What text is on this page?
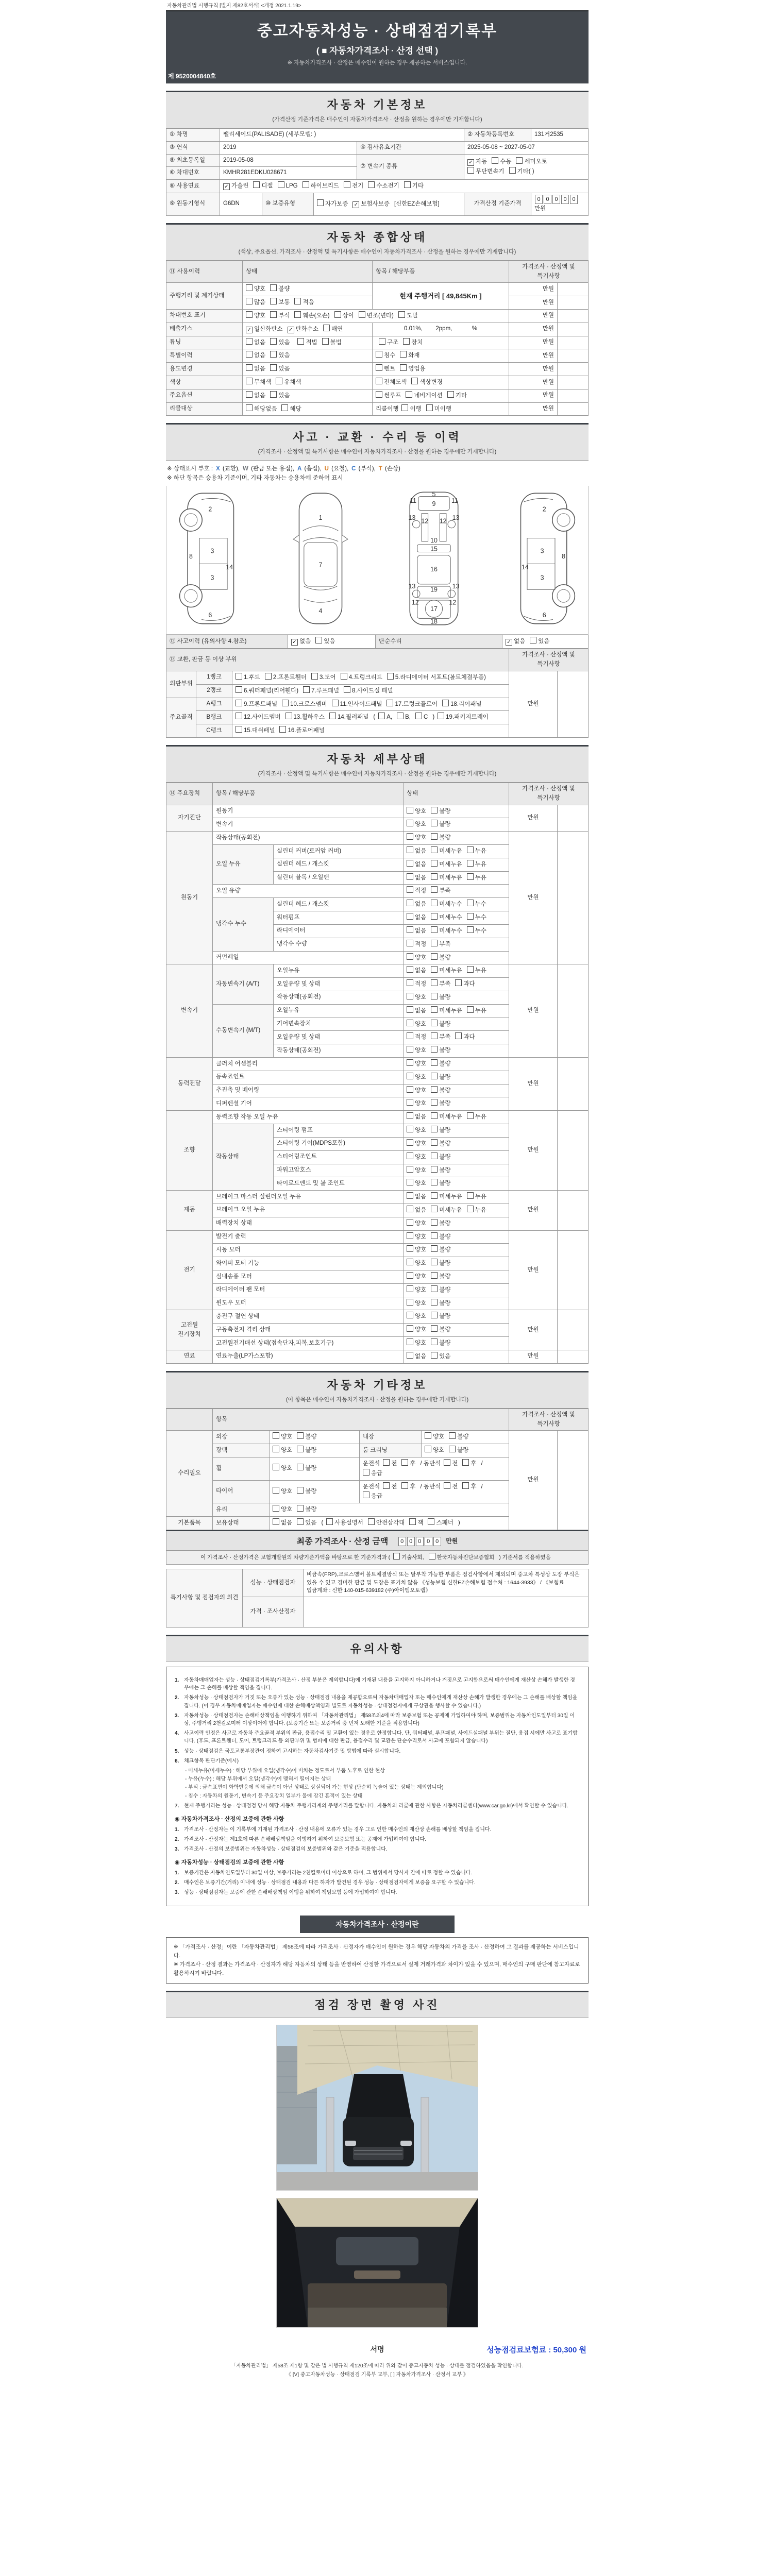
자동차관리법 시행규칙 [별지 제82호서식] <개정 2021.1.19>
중고자동차성능 · 상태점검기록부
( ■ 자동차가격조사 · 산정 선택 )
※ 자동차가격조사 · 산정은 매수인이 원하는 경우 제공하는 서비스입니다.
제 9520004840호
자동차 기본정보
(가격산정 기준가격은 매수인이 자동차가격조사 · 산정을 원하는 경우에만 기재합니다)
① 차명	팰리세이드(PALISADE) (세부모델: )				② 자동차등록번호	131거2535
③ 연식	2019			④ 검사유효기간	2025-05-08 ~ 2027-05-07	
⑤ 최초등록일	2019-05-08			⑦ 변속기 종류	✓ 자동 수동 세미오토무단변속기 기타( )	
⑥ 차대번호	KMHR281EDKU028671					
⑧ 사용연료	✓ 가솔린 디젤 LPG 하이브리드 전기 수소전기 기타					
⑨ 원동기형식	G6DN	⑩ 보증유형	자가보증 ✓ 보험사보증 [신한EZ손해보험]		가격산정 기준가격	0 0 0 0 0 만원
자동차 종합상태
(색상, 주요옵션, 가격조사 · 산정액 및 특기사항은 매수인이 자동차가격조사 · 산정을 원하는 경우에만 기재합니다)
⑪ 사용이력	상태	항목 / 해당부품	가격조사 · 산정액 및 특기사항	
주행거리 및 계기상태	양호 불량	현재 주행거리 [ 49,845Km ]	만원	
	많음 보통 적음		만원	
차대번호 표기	양호 부식 훼손(오손) 상이 변조(변타) 도말		만원	
배출가스	✓ 일산화탄소 ✓ 탄화수소 매연	0.01%,        2ppm,            %	만원	
튜닝	없음 있음 적법 불법	구조 장치	만원	
특별이력	없음 있음	침수 화재	만원	
용도변경	없음 있음	렌트 영업용	만원	
색상	무채색 유채색	전체도색 색상변경	만원	
주요옵션	없음 있음	썬루프 네비게이션 기타	만원	
리콜대상	해당없음 해당	리콜이행 이행 미이행	만원	
사고 · 교환 · 수리 등 이력
(가격조사 · 산정액 및 특기사항은 매수인이 자동차가격조사 · 산정을 원하는 경우에만 기재합니다)
※ 상태표시 부호 : X (교환), W (판금 또는 용접), A (흠집), U (요철), C (부식), T (손상)
※ 하단 항목은 승용차 기준이며, 기타 자동차는 승용차에 준하여 표시
2
8
3
3
14
6
1
7
4
5
9
11	11
13	13
12 12
10
15
16
19
13	13
12	12
17
18
2
8
3
3
14
6
⑫ 사고이력 (유의사항 4.참조)	✓ 없음 있음	단순수리	✓ 없음 있음
⑬ 교환, 판금 등 이상 부위			가격조사 · 산정액 및 특기사항	
외판부위	1랭크	1.후드 2.프론트휀더 3.도어 4.트렁크리드 5.라디에이터 서포트(볼트체결부품)	만원	
	2랭크	6.쿼터패널(리어휀다) 7.루프패널 8.사이드실 패널		
주요골격	A랭크	9.프론트패널 10.크로스멤버 11.인사이드패널 17.트렁크플로어 18.리어패널		
	B랭크	12.사이드멤버 13.휠하우스 14.필러패널 ( A, B, C ) 19.패키지트레이		
	C랭크	15.대쉬패널 16.플로어패널		
자동차 세부상태
(가격조사 · 산정액 및 특기사항은 매수인이 자동차가격조사 · 산정을 원하는 경우에만 기재합니다)
⑭ 주요장치	항목 / 해당부품		상태	가격조사 · 산정액 및 특기사항	
자기진단	원동기		양호 불량	만원	
	변속기		양호 불량		
원동기	작동상태(공회전)		양호 불량	만원	
	오일 누유	실린더 커버(로커암 커버)	없음 미세누유 누유		
		실린더 헤드 / 개스킷	없음 미세누유 누유		
		실린더 블록 / 오일팬	없음 미세누유 누유		
	오일 유량		적정 부족		
	냉각수 누수	실린더 헤드 / 개스킷	없음 미세누수 누수		
		워터펌프	없음 미세누수 누수		
		라디에이터	없음 미세누수 누수		
		냉각수 수량	적정 부족		
	커먼레일		양호 불량		
변속기	자동변속기 (A/T)	오일누유	없음 미세누유 누유	만원	
		오일유량 및 상태	적정 부족 과다		
		작동상태(공회전)	양호 불량		
	수동변속기 (M/T)	오일누유	없음 미세누유 누유		
		기어변속장치	양호 불량		
		오일유량 및 상태	적정 부족 과다		
		작동상태(공회전)	양호 불량		
동력전달	클러치 어셈블리		양호 불량	만원	
	등속죠인트		양호 불량		
	추진축 및 베어링		양호 불량		
	디퍼렌셜 기어		양호 불량		
조향	동력조향 작동 오일 누유		없음 미세누유 누유	만원	
	작동상태	스티어링 펌프	양호 불량		
		스티어링 기어(MDPS포함)	양호 불량		
		스티어링조인트	양호 불량		
		파워고압호스	양호 불량		
		타이로드엔드 및 볼 조인트	양호 불량		
제동	브레이크 마스터 실린더오일 누유		없음 미세누유 누유	만원	
	브레이크 오일 누유		없음 미세누유 누유		
	배력장치 상태		양호 불량		
전기	발전기 출력		양호 불량	만원	
	시동 모터		양호 불량		
	와이퍼 모터 기능		양호 불량		
	실내송풍 모터		양호 불량		
	라디에이터 팬 모터		양호 불량		
	윈도우 모터		양호 불량		
고전원 전기장치	충전구 절연 상태		양호 불량	만원	
	구동축전지 격리 상태		양호 불량		
	고전원전기배선 상태(접속단자,피복,보호기구)		양호 불량		
연료	연료누출(LP가스포함)		없음 있음	만원	
자동차 기타정보
(이 항목은 매수인이 자동차가격조사 · 산정을 원하는 경우에만 기재합니다)
	항목				가격조사 · 산정액 및 특기사항	
수리필요	외장	양호 불량	내장	양호 불량	만원	
	광택	양호 불량	룸 크리닝	양호 불량		
	휠	양호 불량	운전석 전 후/ 동반석 전 후/응급			
	타이어	양호 불량	운전석 전 후/ 동반석 전 후/응급			
	유리	양호 불량				
기본품목	보유상태	없음 있음 ( 사용설명서 안전삼각대 잭 스패너 )				
최종 가격조사 · 산정 금액 0 0 0 0 0 만원
이 가격조사 · 산정가격은 보험개발원의 차량기준가액을 바탕으로 한 기준가격과 ( 기술사회, 한국자동차진단보증협회 ) 기준서를 적용하였음
특기사항 및 점검자의 의견	성능 · 상태점검자	비금속(FRP),크로스멤버 볼트체결방식 또는 탈부착 가능한 부품은 점검사항에서 제외되며 중고차 특성상 도장 부식은 있을 수 있고 경미한 판금 및 도장은 표기치 않음 《성능보험 신한EZ손해보험 접수처 : 1644-3933》 / 《보험료 입금계좌 : 신한 140-015-639182 (주)아이엠오토랩》
	가격 · 조사산정자	
유의사항
1. 자동차매매업자는 성능 · 상태점검기록부(가격조사 · 산정 부분은 제외합니다)에 기재된 내용을 고지하지 아니하거나 거짓으로 고지함으로써 매수인에게 재산상 손해가 발생한 경우에는 그 손해를 배상할 책임을 집니다.
2. 자동차성능 · 상태점검자가 거짓 또는 오류가 있는 성능 · 상태점검 내용을 제공함으로써 자동차매매업자 또는 매수인에게 재산상 손해가 발생한 경우에는 그 손해를 배상할 책임을 집니다. (이 경우 자동차매매업자는 매수인에 대한 손해배상책임과 별도로 자동차성능 · 상태점검자에게 구상권을 행사할 수 있습니다.)
3. 자동차성능 · 상태점검자는 손해배상책임을 이행하기 위하여 「자동차관리법」 제58조의4에 따라 보증보험 또는 공제에 가입하여야 하며, 보증범위는 자동차인도일부터 30일 이상, 주행거리 2천킬로미터 이상이어야 합니다. (보증기간 또는 보증거리 중 먼저 도래한 기준을 적용합니다)
4. 사고이력 인정은 사고로 자동차 주요골격 부위의 판금, 용접수리 및 교환이 있는 경우로 한정합니다. 단, 쿼터패널, 루프패널, 사이드실패널 부위는 절단, 용접 시에만 사고로 표기합니다. (후드, 프론트휀더, 도어, 트렁크리드 등 외판부위 및 범퍼에 대한 판금, 용접수리 및 교환은 단순수리로서 사고에 포함되지 않습니다)
5. 성능 · 상태점검은 국토교통부장관이 정하여 고시하는 자동차검사기준 및 방법에 따라 실시합니다.
6. 체크항목 판단기준(예시)
- 미세누유(미세누수) : 해당 부위에 오일(냉각수)이 비치는 정도로서 부품 노후로 인한 현상
- 누유(누수) : 해당 부위에서 오일(냉각수)이 맺혀서 떨어지는 상태
- 부식 : 금속표면이 화학반응에 의해 금속이 아닌 상태로 상실되어 가는 현상 (단순히 녹슬어 있는 상태는 제외합니다)
- 침수 : 자동차의 원동기, 변속기 등 주요장치 일부가 물에 잠긴 흔적이 있는 상태
7. 현재 주행거리는 성능 · 상태점검 당시 해당 자동차 주행거리계의 주행거리를 말합니다. 자동차의 리콜에 관한 사항은 자동차리콜센터(www.car.go.kr)에서 확인할 수 있습니다.
◉ 자동차가격조사 · 산정의 보증에 관한 사항
1. 가격조사 · 산정자는 이 기록부에 기재된 가격조사 · 산정 내용에 오류가 있는 경우 그로 인한 매수인의 재산상 손해를 배상할 책임을 집니다.
2. 가격조사 · 산정자는 제1호에 따른 손해배상책임을 이행하기 위하여 보증보험 또는 공제에 가입하여야 합니다.
3. 가격조사 · 산정의 보증범위는 자동차성능 · 상태점검의 보증범위와 같은 기준을 적용합니다.
◉ 자동차성능 · 상태점검의 보증에 관한 사항
1. 보증기간은 자동차인도일부터 30일 이상, 보증거리는 2천킬로미터 이상으로 하며, 그 범위에서 당사자 간에 따로 정할 수 있습니다.
2. 매수인은 보증기간(거리) 이내에 성능 · 상태점검 내용과 다른 하자가 발견된 경우 성능 · 상태점검자에게 보증을 요구할 수 있습니다.
3. 성능 · 상태점검자는 보증에 관한 손해배상책임 이행을 위하여 책임보험 등에 가입하여야 합니다.
자동차가격조사 · 산정이란
※ 「가격조사 · 산정」이란 「자동차관리법」 제58조에 따라 가격조사 · 산정자가 매수인이 원하는 경우 해당 자동차의 가격을 조사 · 산정하여 그 결과를 제공하는 서비스입니다.
※ 가격조사 · 산정 결과는 가격조사 · 산정자가 해당 자동차의 상태 등을 반영하여 산정한 가격으로서 실제 거래가격과 차이가 있을 수 있으며, 매수인의 구매 판단에 참고자료로 활용하시기 바랍니다.
점검 장면 촬영 사진
서명	성능점검료보험료 : 50,300 원
「자동차관리법」 제58조 제1항 및 같은 법 시행규칙 제120조에 따라 위와 같이 중고자동차 성능 · 상태를 점검하였음을 확인합니다.
《 [V] 중고자동차성능 · 상태점검 기록부 교부, [ ] 자동차가격조사 · 산정서 교부 》
